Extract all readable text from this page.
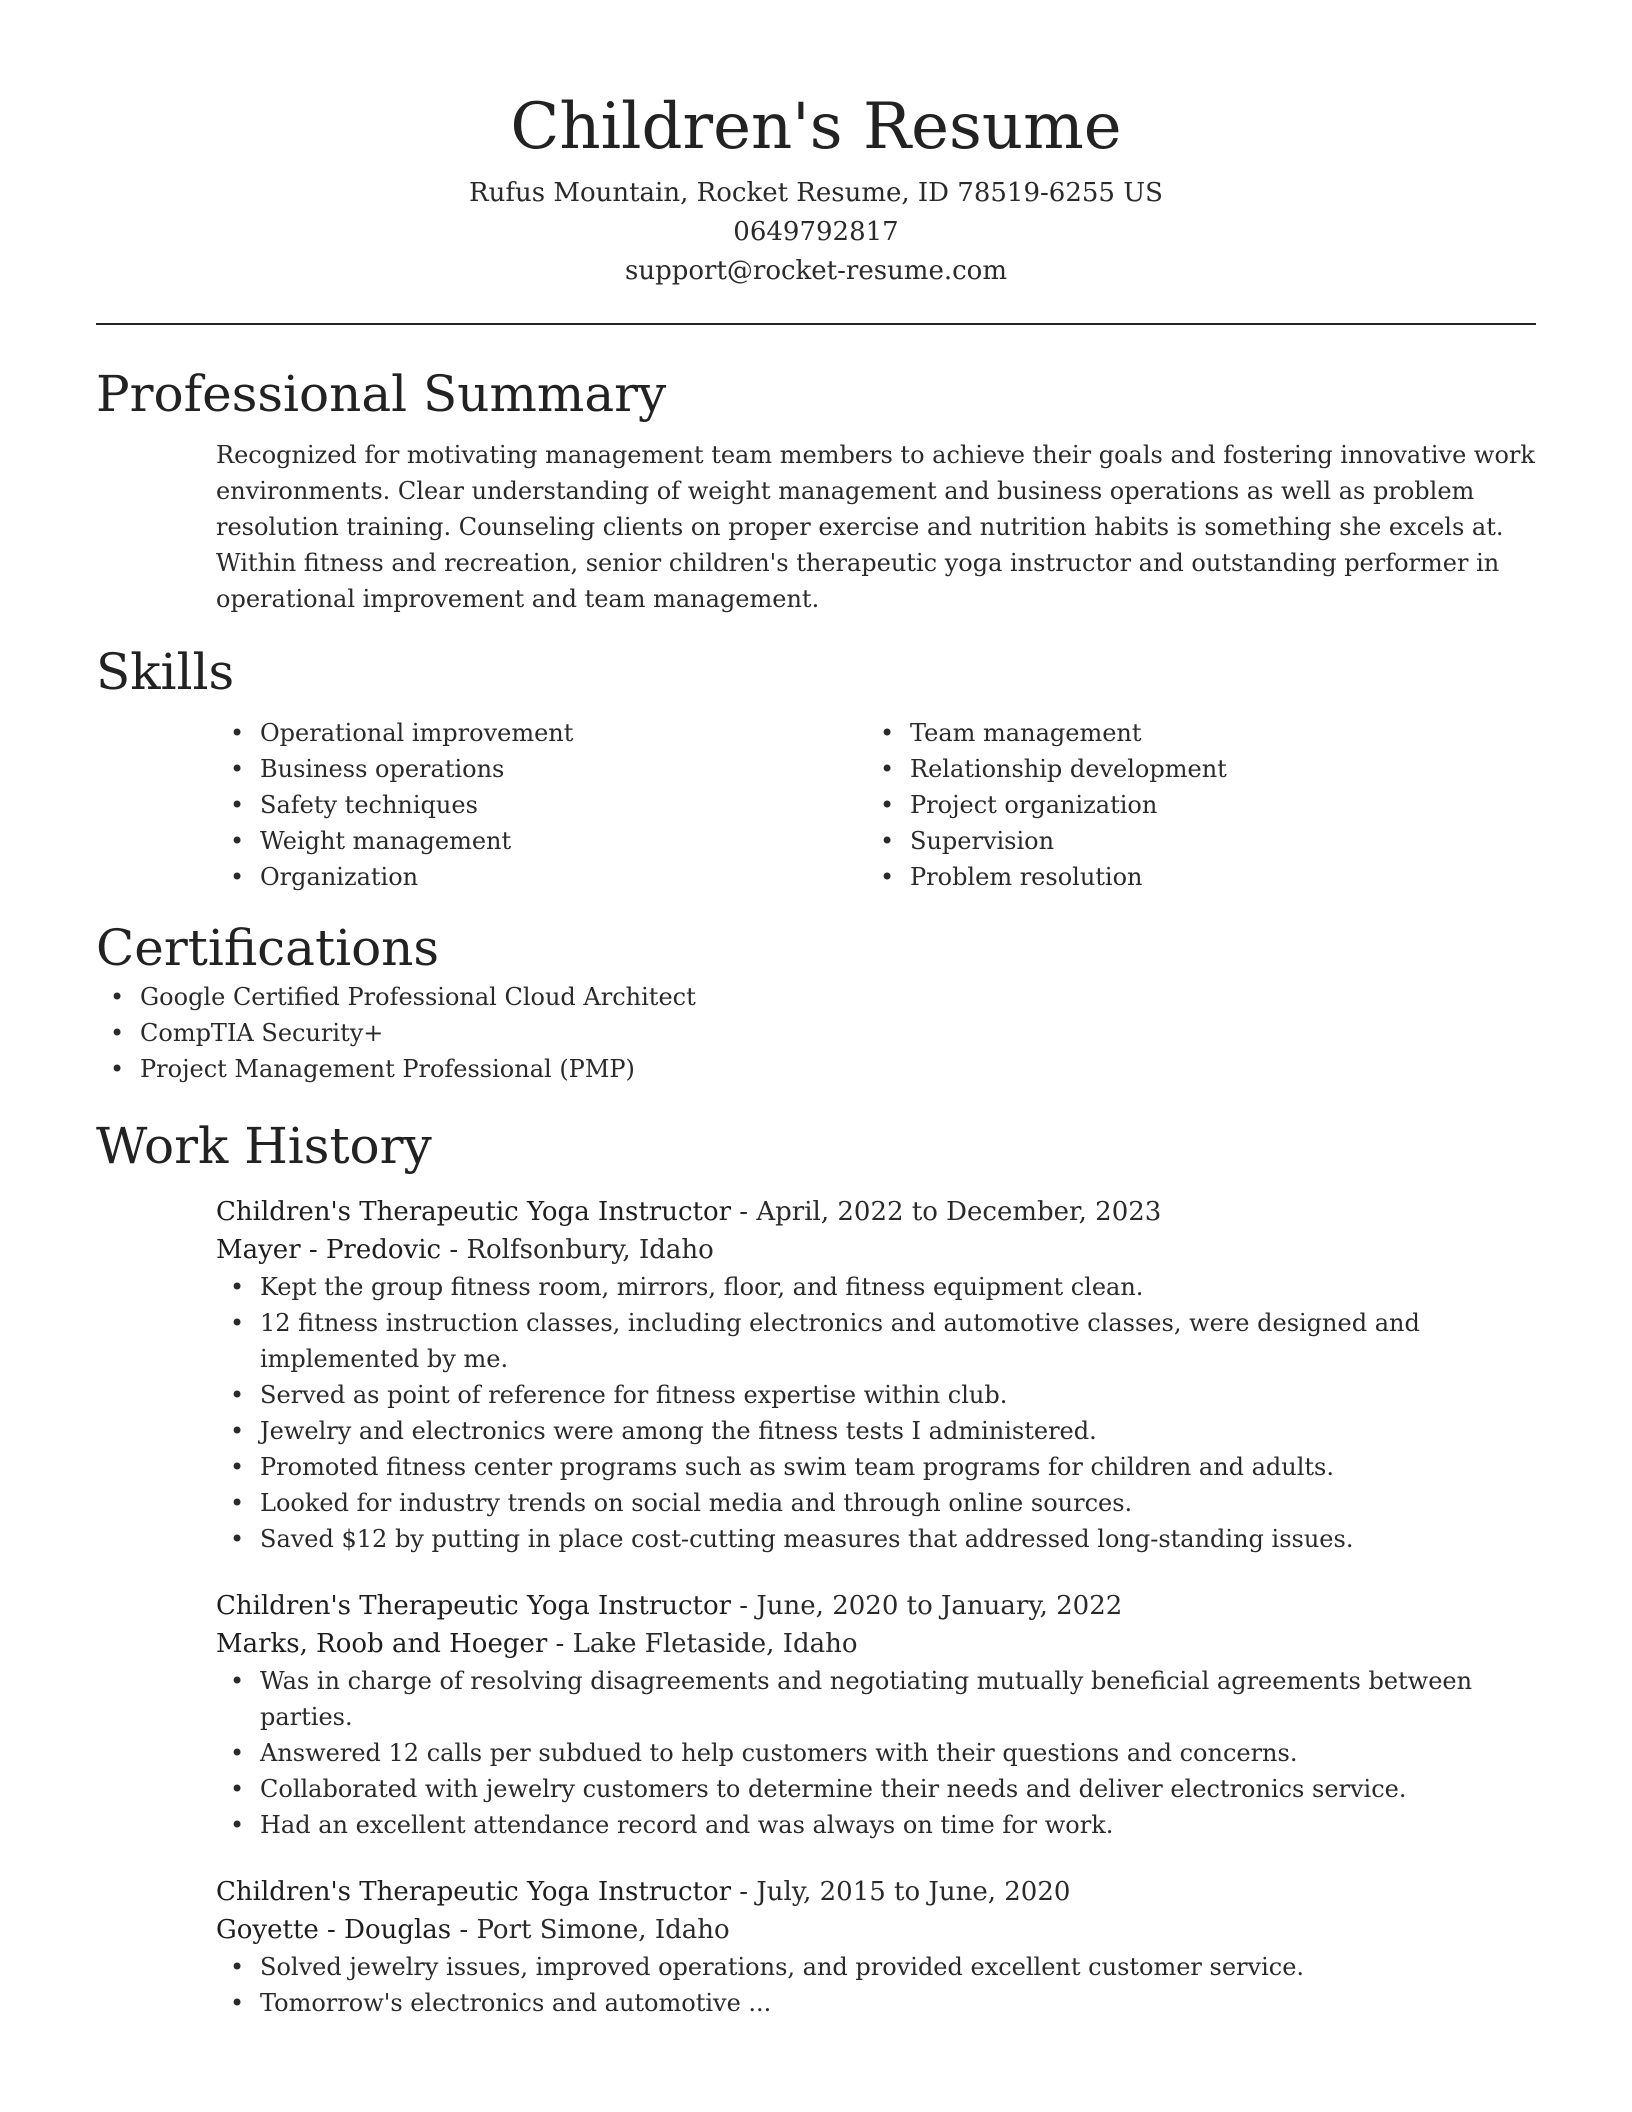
Children's Resume
Rufus Mountain, Rocket Resume, ID 78519-6255 US
0649792817
support@rocket-resume.com
Professional Summary

Recognized for motivating management team members to achieve their goals and fostering innovative work environments. Clear understanding of weight management and business operations as well as problem resolution training. Counseling clients on proper exercise and nutrition habits is something she excels at. Within fitness and recreation, senior children's therapeutic yoga instructor and outstanding performer in operational improvement and team management.

Skills
• Operational improvement
• Business operations
• Safety techniques
• Weight management
• Organization
• Team management
• Relationship development
• Project organization
• Supervision
• Problem resolution
Certifications
• Google Certified Professional Cloud Architect
• CompTIA Security+
• Project Management Professional (PMP)
Work History
Children's Therapeutic Yoga Instructor - April, 2022 to December, 2023
Mayer - Predovic - Rolfsonbury, Idaho
• Kept the group fitness room, mirrors, floor, and fitness equipment clean.
• 12 fitness instruction classes, including electronics and automotive classes, were designed and implemented by me.
• Served as point of reference for fitness expertise within club.
• Jewelry and electronics were among the fitness tests I administered.
• Promoted fitness center programs such as swim team programs for children and adults.
• Looked for industry trends on social media and through online sources.
• Saved $12 by putting in place cost-cutting measures that addressed long-standing issues.
Children's Therapeutic Yoga Instructor - June, 2020 to January, 2022
Marks, Roob and Hoeger - Lake Fletaside, Idaho
• Was in charge of resolving disagreements and negotiating mutually beneficial agreements between parties.
• Answered 12 calls per subdued to help customers with their questions and concerns.
• Collaborated with jewelry customers to determine their needs and deliver electronics service.
• Had an excellent attendance record and was always on time for work.
Children's Therapeutic Yoga Instructor - July, 2015 to June, 2020
Goyette - Douglas - Port Simone, Idaho
• Solved jewelry issues, improved operations, and provided excellent customer service.
• Tomorrow's electronics and automotive ...
